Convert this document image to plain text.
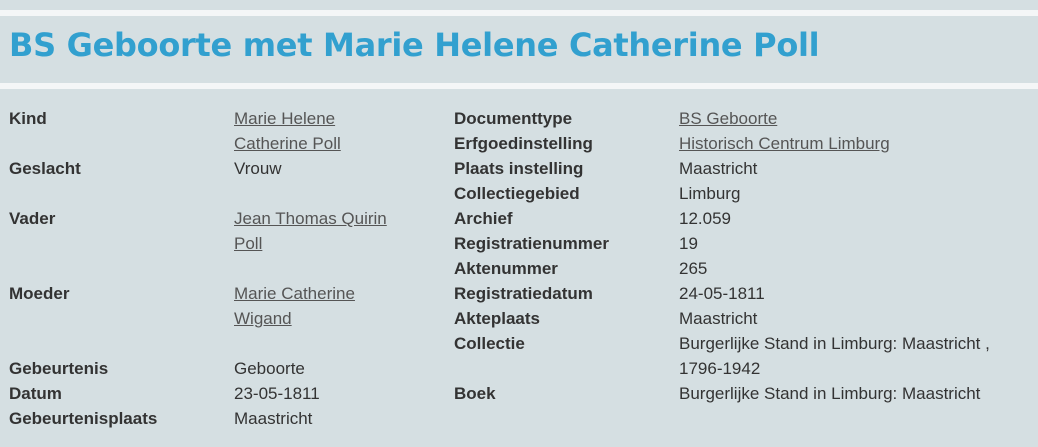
BS Geboorte met Marie Helene Catherine Poll
Kind	Marie Helene
Catherine Poll
Geslacht	Vrouw
Vader	Jean Thomas Quirin
Poll
Moeder	Marie Catherine
Wigand
Gebeurtenis	Geboorte
Datum	23-05-1811
Gebeurtenisplaats	Maastricht
Documenttype	BS Geboorte
Erfgoedinstelling	Historisch Centrum Limburg
Plaats instelling	Maastricht
Collectiegebied	Limburg
Archief	12.059
Registratienummer	19
Aktenummer	265
Registratiedatum	24-05-1811
Akteplaats	Maastricht
Collectie	Burgerlijke Stand in Limburg: Maastricht ,
1796-1942
Boek	Burgerlijke Stand in Limburg: Maastricht
